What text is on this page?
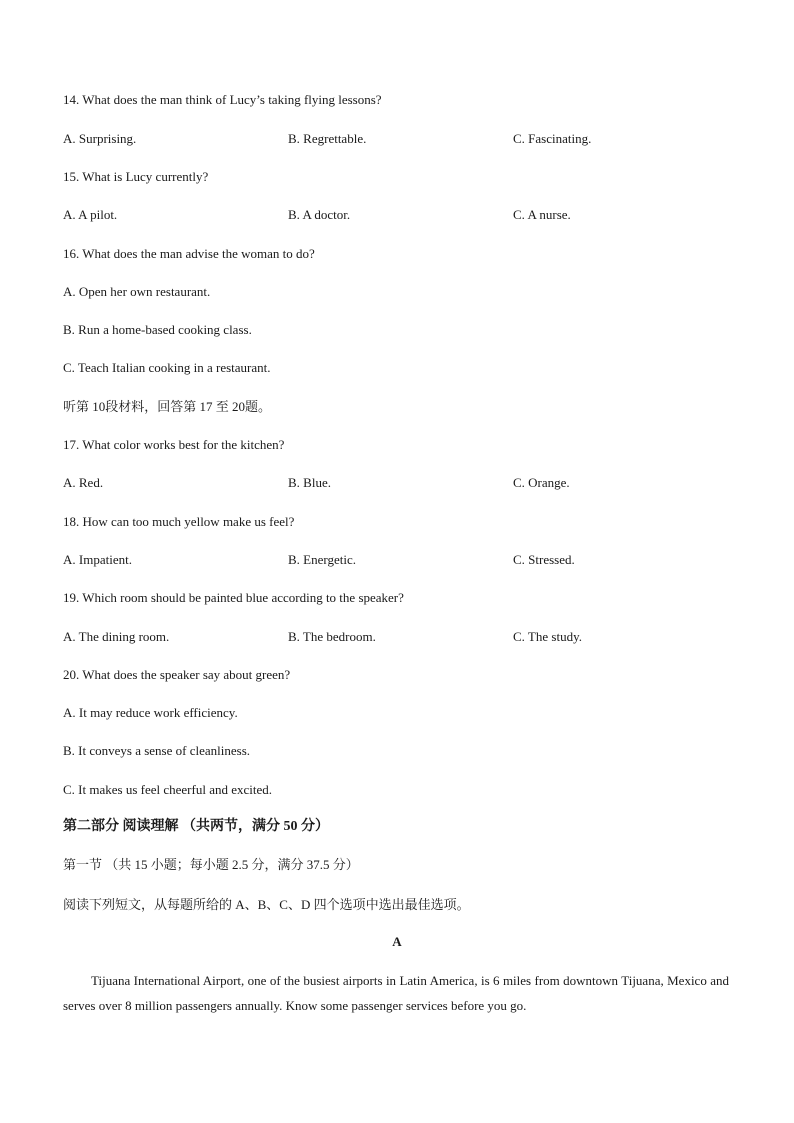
14. What does the man think of Lucy’s taking flying lessons?
A. Surprising.	B. Regrettable.	C. Fascinating.
15. What is Lucy currently?
A. A pilot.	B. A doctor.	C. A nurse.
16. What does the man advise the woman to do?
A. Open her own restaurant.
B. Run a home-based cooking class.
C. Teach Italian cooking in a restaurant.
听第 10段材料，回答第 17 至 20题。
17. What color works best for the kitchen?
A. Red.	B. Blue.	C. Orange.
18. How can too much yellow make us feel?
A. Impatient.	B. Energetic.	C. Stressed.
19. Which room should be painted blue according to the speaker?
A. The dining room.	B. The bedroom.	C. The study.
20. What does the speaker say about green?
A. It may reduce work efficiency.
B. It conveys a sense of cleanliness.
C. It makes us feel cheerful and excited.
第二部分 阅读理解 （共两节，满分 50 分）
第一节 （共 15 小题；每小题 2.5 分，满分 37.5 分）
阅读下列短文，从每题所给的 A、B、C、D 四个选项中选出最佳选项。
A
Tijuana International Airport, one of the busiest airports in Latin America, is 6 miles from downtown Tijuana, Mexico and serves over 8 million passengers annually. Know some passenger services before you go.
